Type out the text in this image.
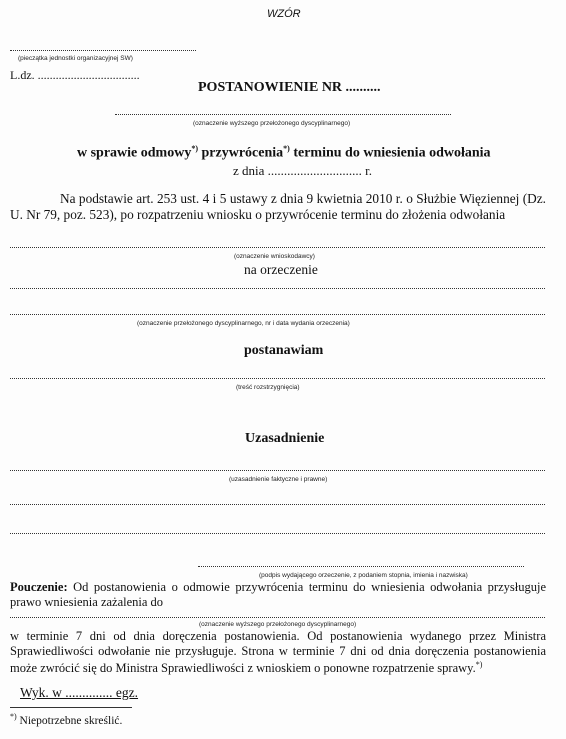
WZÓR
(pieczątka jednostki organizacyjnej SW)
L.dz. ..................................
POSTANOWIENIE NR ..........
(oznaczenie wyższego przełożonego dyscyplinarnego)
w sprawie odmowy*) przywrócenia*) terminu do wniesienia odwołania
z dnia ............................. r.
Na podstawie art. 253 ust. 4 i 5 ustawy z dnia 9 kwietnia 2010 r. o Służbie Więziennej (Dz. U. Nr 79, poz. 523), po rozpatrzeniu wniosku o przywrócenie terminu do złożenia odwołania
(oznaczenie wnioskodawcy)
na orzeczenie
(oznaczenie przełożonego dyscyplinarnego, nr i data wydania orzeczenia)
postanawiam
(treść rozstrzygnięcia)
Uzasadnienie
(uzasadnienie faktyczne i prawne)
(podpis wydającego orzeczenie, z podaniem stopnia, imienia i nazwiska)
Pouczenie: Od postanowienia o odmowie przywrócenia terminu do wniesienia odwołania przysługuje prawo wniesienia zażalenia do
(oznaczenie wyższego przełożonego dyscyplinarnego)
w terminie 7 dni od dnia doręczenia postanowienia. Od postanowienia wydanego przez Ministra Sprawiedliwości odwołanie nie przysługuje. Strona w terminie 7 dni od dnia doręczenia postanowienia może zwrócić się do Ministra Sprawiedliwości z wnioskiem o ponowne rozpatrzenie sprawy.*)
Wyk. w .............. egz.
*) Niepotrzebne skreślić.
